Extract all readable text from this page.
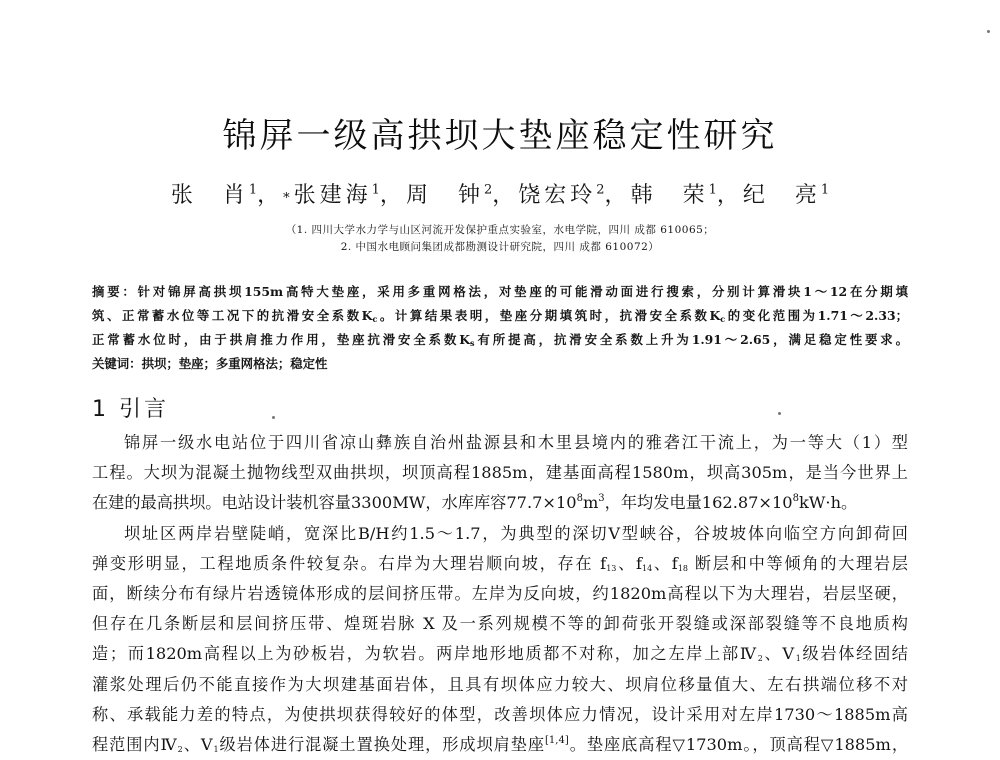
锦屏一级高拱坝大垫座稳定性研究
张　肖$^1$，*张建海$^1$，周　钟$^2$，饶宏玲$^2$，韩　荣$^1$，纪　亮$^1$
（1. 四川大学水力学与山区河流开发保护重点实验室，水电学院，四川 成都 610065；
2. 中国水电顾问集团成都勘测设计研究院，四川 成都 610072）

摘要：针对锦屏高拱坝155m高特大垫座，采用多重网格法，对垫座的可能滑动面进行搜索，分别计算滑块1～12在分期填

筑、正常蓄水位等工况下的抗滑安全系数$K_c$。计算结果表明，垫座分期填筑时，抗滑安全系数$K_c$的变化范围为1.71～2.33；

正常蓄水位时，由于拱肩推力作用，垫座抗滑安全系数$K_s$有所提高，抗滑安全系数上升为1.91～2.65，满足稳定性要求。

关键词：拱坝；垫座；多重网格法；稳定性

1 引言

锦屏一级水电站位于四川省凉山彝族自治州盐源县和木里县境内的雅砻江干流上，为一等大（1）型

工程。大坝为混凝土抛物线型双曲拱坝，坝顶高程1885m，建基面高程1580m，坝高305m，是当今世界上

在建的最高拱坝。电站设计装机容量3300MW，水库库容$77.7\times 10^8m^3$，年均发电量$162.87\times 10^8kW\cdot h$。

坝址区两岸岩壁陡峭，宽深比B/H约1.5～1.7，为典型的深切V型峡谷，谷坡坡体向临空方向卸荷回

弹变形明显，工程地质条件较复杂。右岸为大理岩顺向坡，存在 $f_{13}$、$f_{14}$、$f_{18}$ 断层和中等倾角的大理岩层

面，断续分布有绿片岩透镜体形成的层间挤压带。左岸为反向坡，约1820m高程以下为大理岩，岩层坚硬，

但存在几条断层和层间挤压带、煌斑岩脉 X 及一系列规模不等的卸荷张开裂缝或深部裂缝等不良地质构

造；而1820m高程以上为砂板岩，为软岩。两岸地形地质都不对称，加之左岸上部$Ⅳ_2$、$Ⅴ_1$级岩体经固结

灌浆处理后仍不能直接作为大坝建基面岩体，且具有坝体应力较大、坝肩位移量值大、左右拱端位移不对

称、承载能力差的特点，为使拱坝获得较好的体型，改善坝体应力情况，设计采用对左岸1730～1885m高

程范围内$Ⅳ_2$、$Ⅴ_1$级岩体进行混凝土置换处理，形成坝肩垫座[1,4]。垫座底高程▽1730m。，顶高程▽1885m，
